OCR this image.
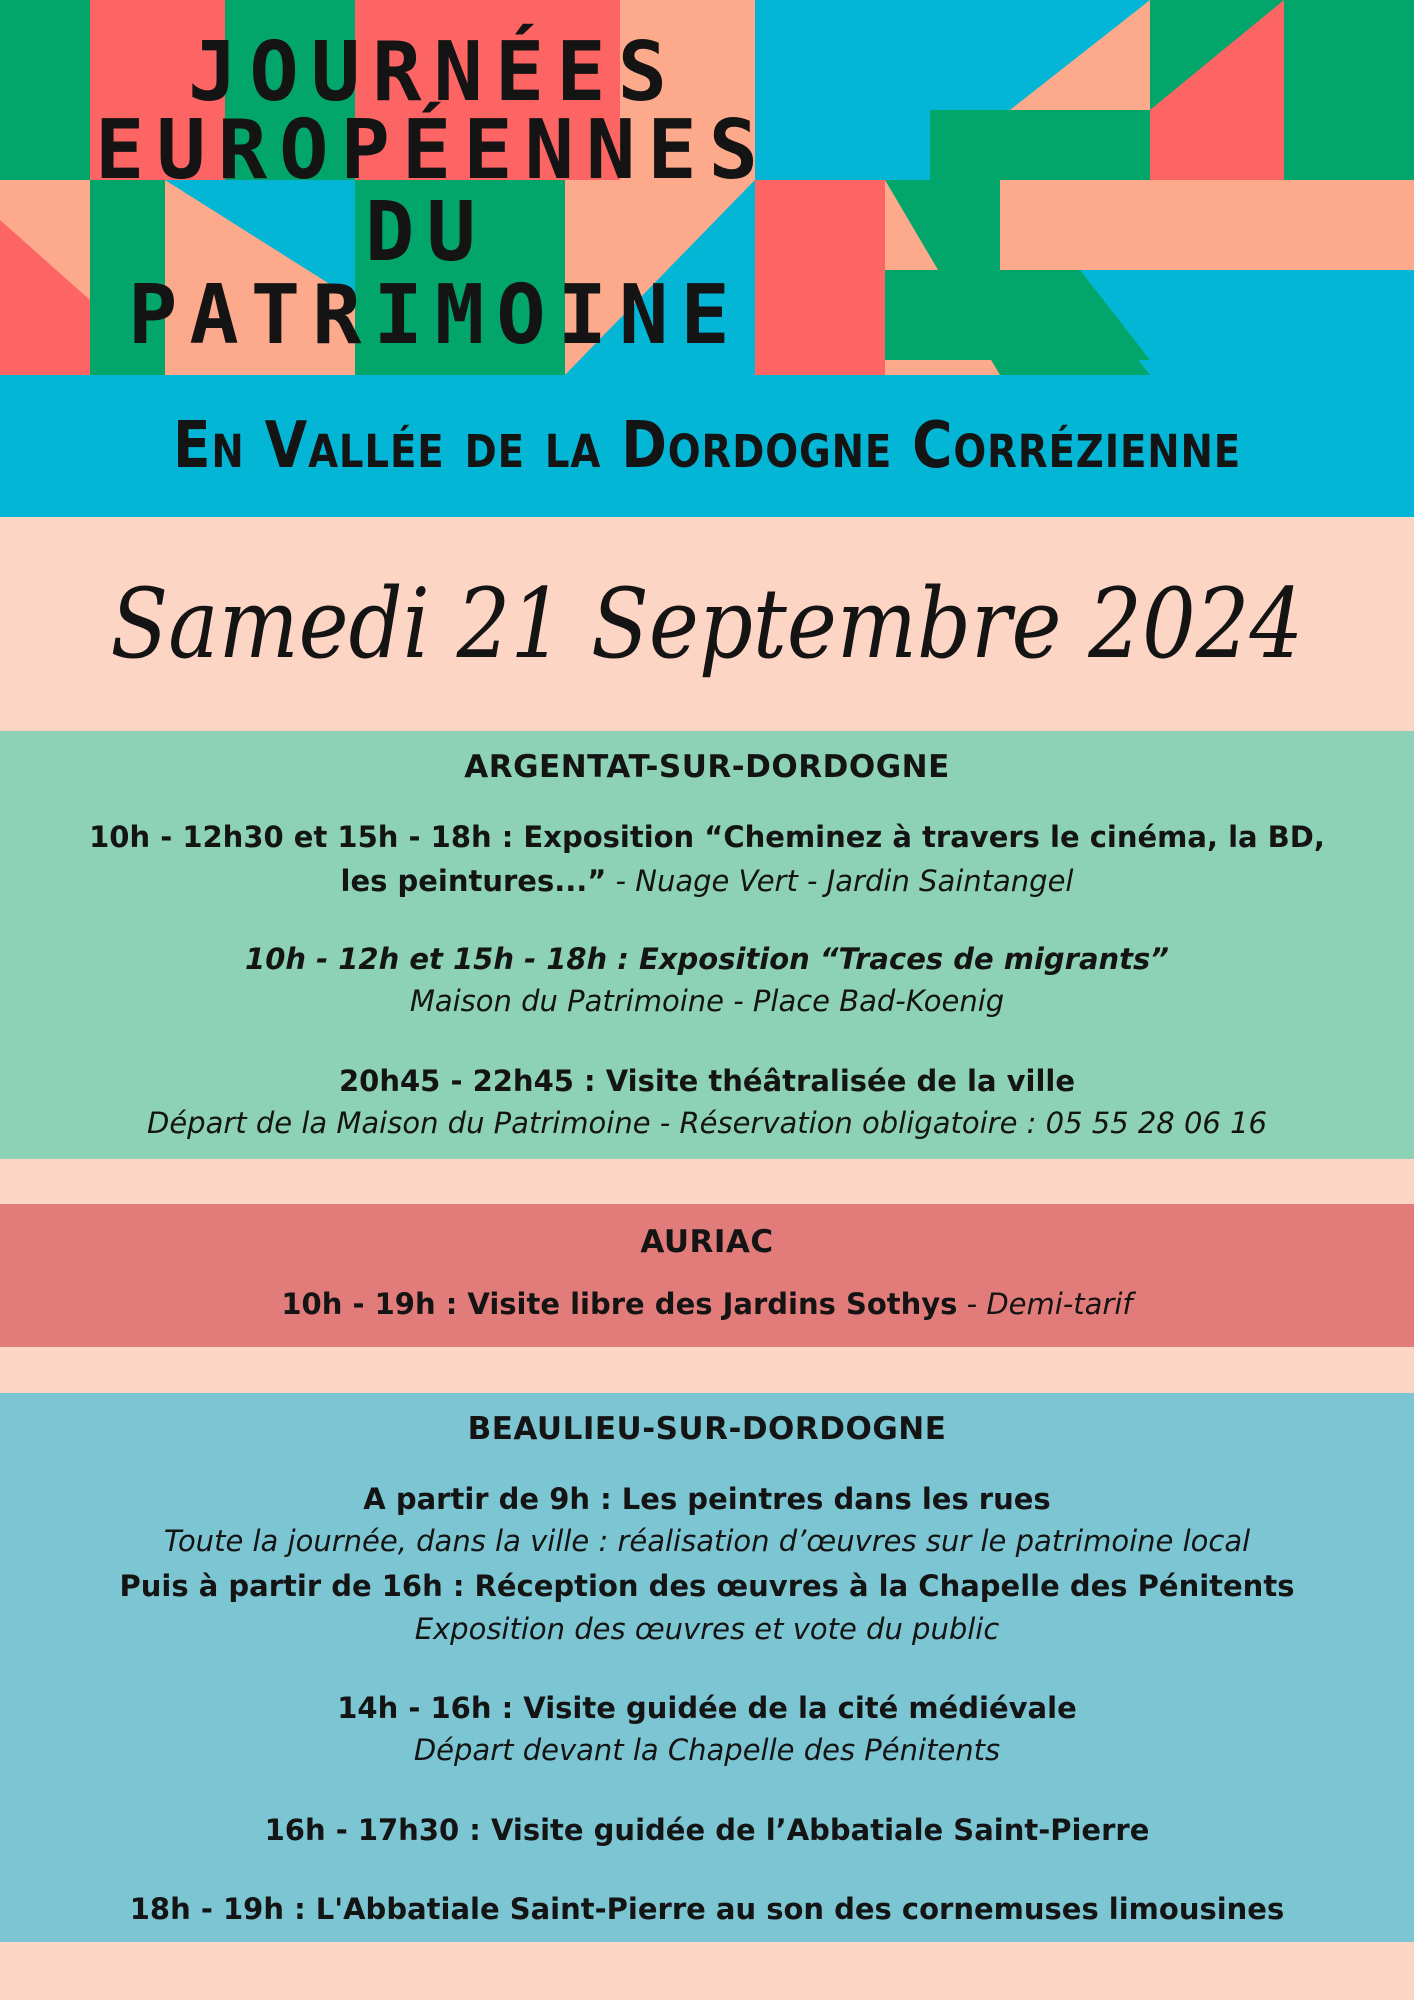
JOURNÉES
EUROPÉENNES
DU
PATRIMOINE
En Vallée de la Dordogne Corrézienne
Samedi 21 Septembre 2024
ARGENTAT-SUR-DORDOGNE
10h - 12h30 et 15h - 18h : Exposition “Cheminez à travers le cinéma, la BD,
les peintures...” - Nuage Vert - Jardin Saintangel
10h - 12h et 15h - 18h : Exposition “Traces de migrants”
Maison du Patrimoine - Place Bad-Koenig
20h45 - 22h45 : Visite théâtralisée de la ville
Départ de la Maison du Patrimoine - Réservation obligatoire : 05 55 28 06 16
AURIAC
10h - 19h : Visite libre des Jardins Sothys - Demi-tarif
BEAULIEU-SUR-DORDOGNE
A partir de 9h : Les peintres dans les rues
Toute la journée, dans la ville : réalisation d’œuvres sur le patrimoine local
Puis à partir de 16h : Réception des œuvres à la Chapelle des Pénitents
Exposition des œuvres et vote du public
14h - 16h : Visite guidée de la cité médiévale
Départ devant la Chapelle des Pénitents
16h - 17h30 : Visite guidée de l’Abbatiale Saint-Pierre
18h - 19h : L'Abbatiale Saint-Pierre au son des cornemuses limousines
